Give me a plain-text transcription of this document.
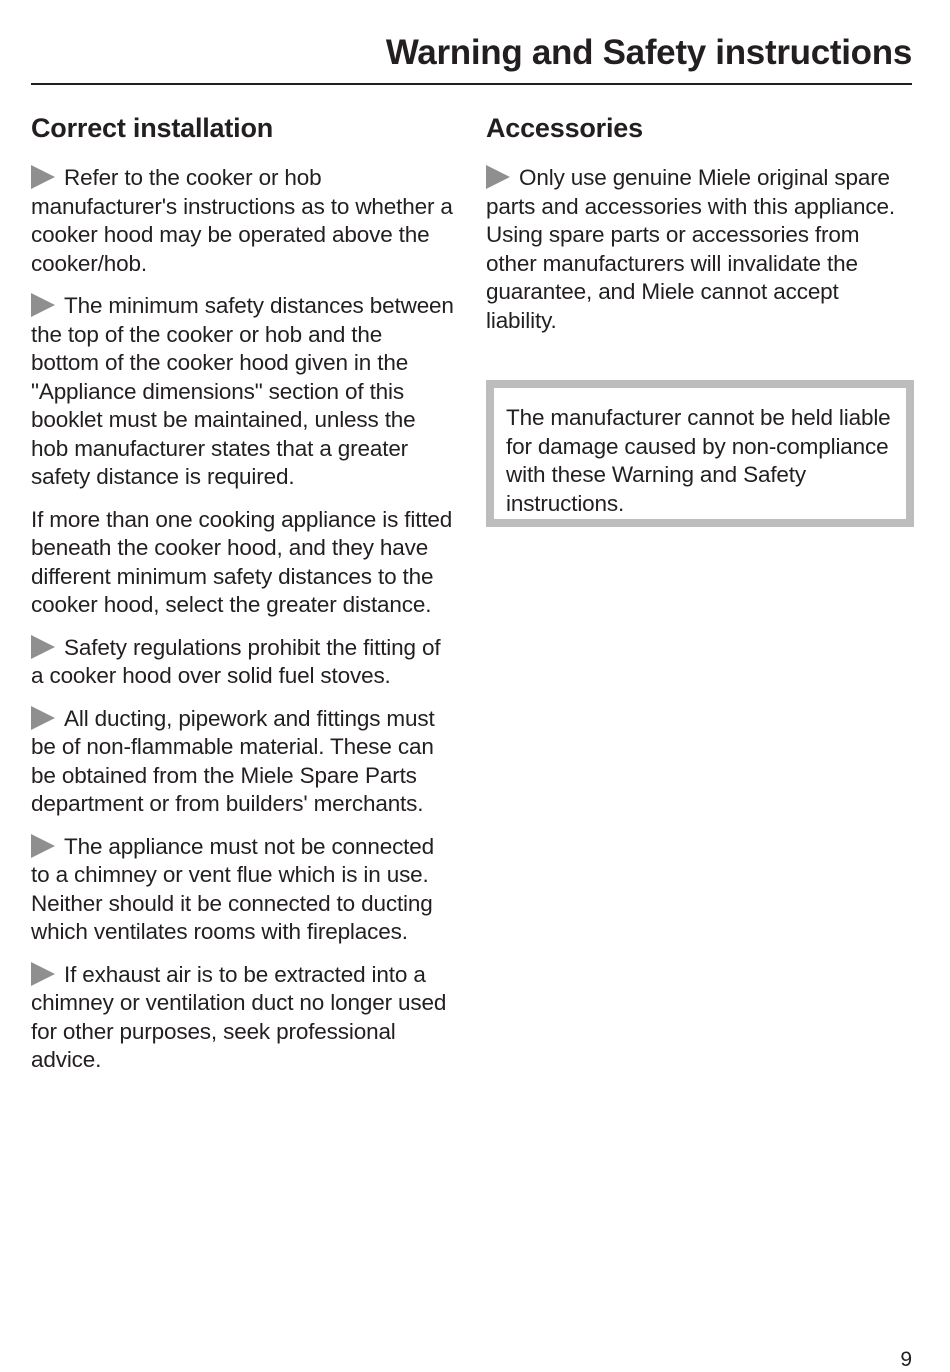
Warning and Safety instructions
Correct installation

Refer to the cooker or hob manufacturer's instructions as to whether a cooker hood may be operated above the cooker/hob.

The minimum safety distances between the top of the cooker or hob and the bottom of the cooker hood given in the "Appliance dimensions" section of this booklet must be maintained, unless the hob manufacturer states that a greater safety distance is required.

If more than one cooking appliance is fitted beneath the cooker hood, and they have different minimum safety distances to the cooker hood, select the greater distance.

Safety regulations prohibit the fitting of a cooker hood over solid fuel stoves.

All ducting, pipework and fittings must be of non-flammable material. These can be obtained from the Miele Spare Parts department or from builders' merchants.

The appliance must not be connected to a chimney or vent flue which is in use. Neither should it be connected to ducting which ventilates rooms with fireplaces.

If exhaust air is to be extracted into a chimney or ventilation duct no longer used for other purposes, seek professional advice.

Accessories

Only use genuine Miele original spare parts and accessories with this appliance. Using spare parts or accessories from other manufacturers will invalidate the guarantee, and Miele cannot accept liability.

The manufacturer cannot be held liable for damage caused by non-compliance with these Warning and Safety instructions.

9
